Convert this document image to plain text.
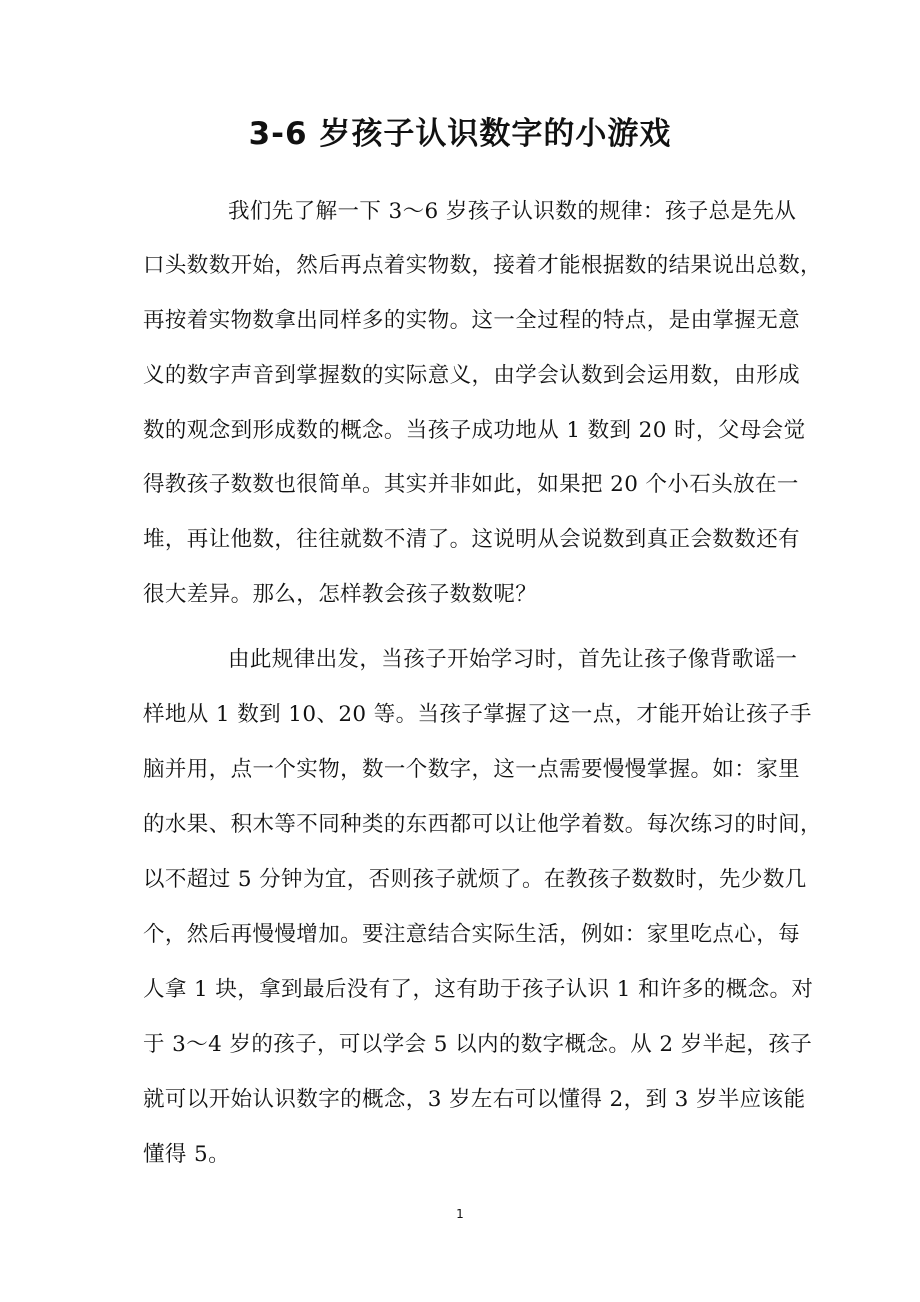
3-6 岁孩子认识数字的小游戏
我们先了解一下 3～6 岁孩子认识数的规律：孩子总是先从
口头数数开始，然后再点着实物数，接着才能根据数的结果说出总数，
再按着实物数拿出同样多的实物。这一全过程的特点，是由掌握无意
义的数字声音到掌握数的实际意义，由学会认数到会运用数，由形成
数的观念到形成数的概念。当孩子成功地从 1 数到 20 时，父母会觉
得教孩子数数也很简单。其实并非如此，如果把 20 个小石头放在一
堆，再让他数，往往就数不清了。这说明从会说数到真正会数数还有
很大差异。那么，怎样教会孩子数数呢？
由此规律出发，当孩子开始学习时，首先让孩子像背歌谣一
样地从 1 数到 10、20 等。当孩子掌握了这一点，才能开始让孩子手
脑并用，点一个实物，数一个数字，这一点需要慢慢掌握。如：家里
的水果、积木等不同种类的东西都可以让他学着数。每次练习的时间，
以不超过 5 分钟为宜，否则孩子就烦了。在教孩子数数时，先少数几
个，然后再慢慢增加。要注意结合实际生活，例如：家里吃点心，每
人拿 1 块，拿到最后没有了，这有助于孩子认识 1 和许多的概念。对
于 3～4 岁的孩子，可以学会 5 以内的数字概念。从 2 岁半起，孩子
就可以开始认识数字的概念，3 岁左右可以懂得 2，到 3 岁半应该能
懂得 5。
1
